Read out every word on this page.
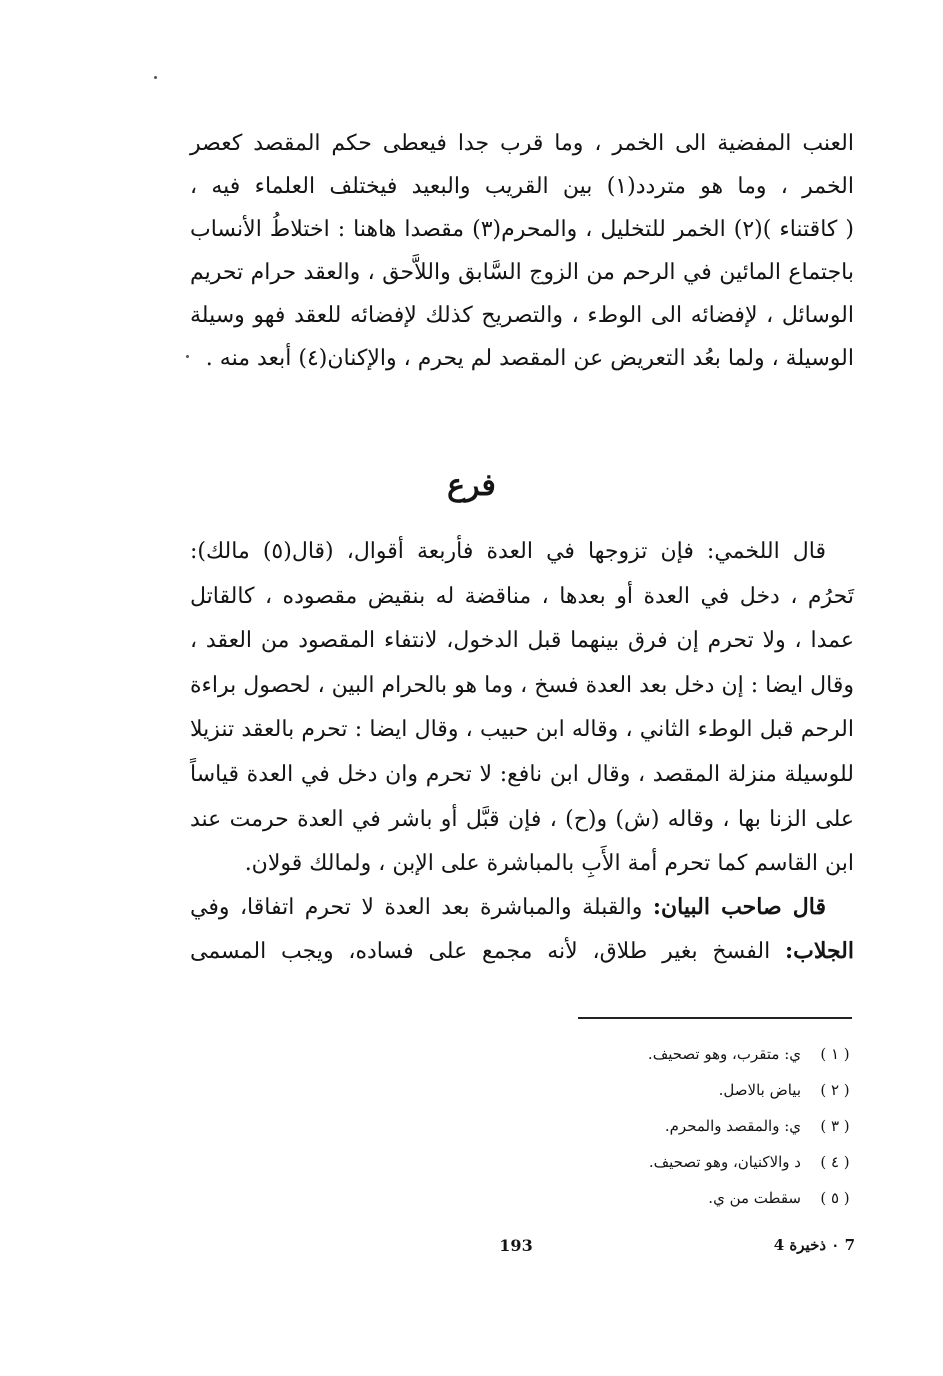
العنب المفضية الى الخمر ، وما قرب جدا فيعطى حكم المقصد كعصر
الخمر ، وما هو متردد(١) بين القريب والبعيد فيختلف العلماء فيه ،
( كاقتناء )(٢) الخمر للتخليل ، والمحرم(٣) مقصدا هاهنا : اختلاطُ الأنساب
باجتماع المائين في الرحم من الزوج السَّابق واللاَّحق ، والعقد حرام تحريم
الوسائل ، لإفضائه الى الوطء ، والتصريح كذلك لإفضائه للعقد فهو وسيلة
الوسيلة ، ولما بعُد التعريض عن المقصد لم يحرم ، والإكنان(٤) أبعد منه .
فرع
قال اللخمي: فإن تزوجها في العدة فأربعة أقوال، (قال(٥) مالك):
تَحرُم ، دخل في العدة أو بعدها ، مناقضة له بنقيض مقصوده ، كالقاتل
عمدا ، ولا تحرم إن فرق بينهما قبل الدخول، لانتفاء المقصود من العقد ،
وقال ايضا : إن دخل بعد العدة فسخ ، وما هو بالحرام البين ، لحصول براءة
الرحم قبل الوطء الثاني ، وقاله ابن حبيب ، وقال ايضا : تحرم بالعقد تنزيلا
للوسيلة منزلة المقصد ، وقال ابن نافع: لا تحرم وان دخل في العدة قياساً
على الزنا بها ، وقاله (ش) و(ح) ، فإن قبَّل أو باشر في العدة حرمت عند
ابن القاسم كما تحرم أمة الأَبِ بالمباشرة على الإبن ، ولمالك قولان.
قال صاحب البيان: والقبلة والمباشرة بعد العدة لا تحرم اتفاقا، وفي
الجلاب: الفسخ بغير طلاق، لأنه مجمع على فساده، ويجب المسمى
( ١ )
ي: متقرب، وهو تصحيف.
( ٢ )
بياض بالاصل.
( ٣ )
ي: والمقصد والمحرم.
( ٤ )
د والاكنيان، وهو تصحيف.
( ٥ )
سقطت من ي.
193	7 ۰ ذخيرة 4
